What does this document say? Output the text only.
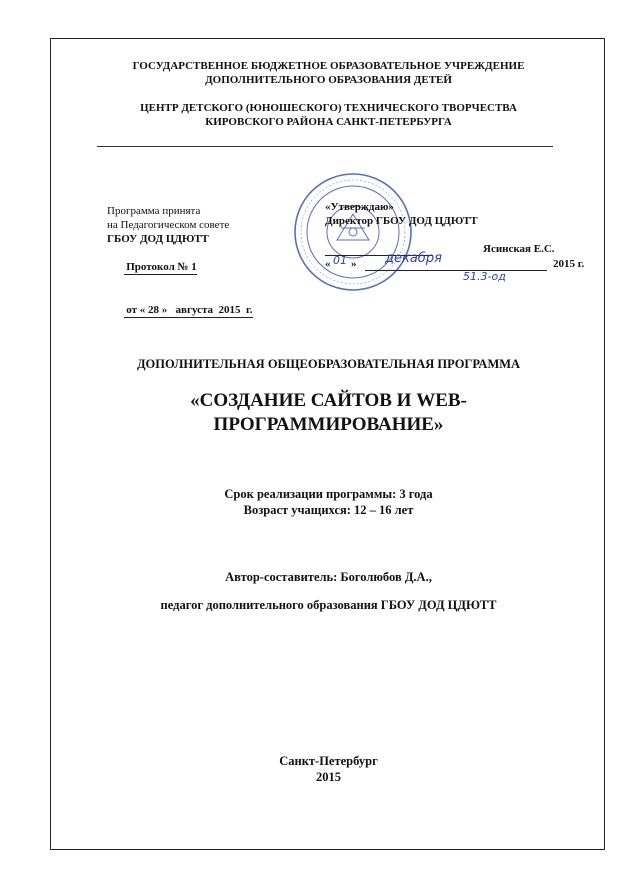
ГОСУДАРСТВЕННОЕ БЮДЖЕТНОЕ ОБРАЗОВАТЕЛЬНОЕ УЧРЕЖДЕНИЕ
ДОПОЛНИТЕЛЬНОГО ОБРАЗОВАНИЯ ДЕТЕЙ
ЦЕНТР ДЕТСКОГО (ЮНОШЕСКОГО) ТЕХНИЧЕСКОГО ТВОРЧЕСТВА
КИРОВСКОГО РАЙОНА САНКТ-ПЕТЕРБУРГА
Программа принята
на Педагогическом совете
ГБОУ ДОД ЦДЮТТ

Протокол № 1

от « 28 »   августа  2015  г.

«Утверждаю»
Директор ГБОУ ДОД ЦДЮТТ
Ясинская Е.С.
« 01 » декабря	2015 г.
51.3-од
ДОПОЛНИТЕЛЬНАЯ ОБЩЕОБРАЗОВАТЕЛЬНАЯ ПРОГРАММА
«СОЗДАНИЕ САЙТОВ И WEB-
ПРОГРАММИРОВАНИЕ»
Срок реализации программы: 3 года
Возраст учащихся: 12 – 16 лет
Автор-составитель: Боголюбов Д.А.,
педагог дополнительного образования ГБОУ ДОД ЦДЮТТ
Санкт-Петербург
2015
